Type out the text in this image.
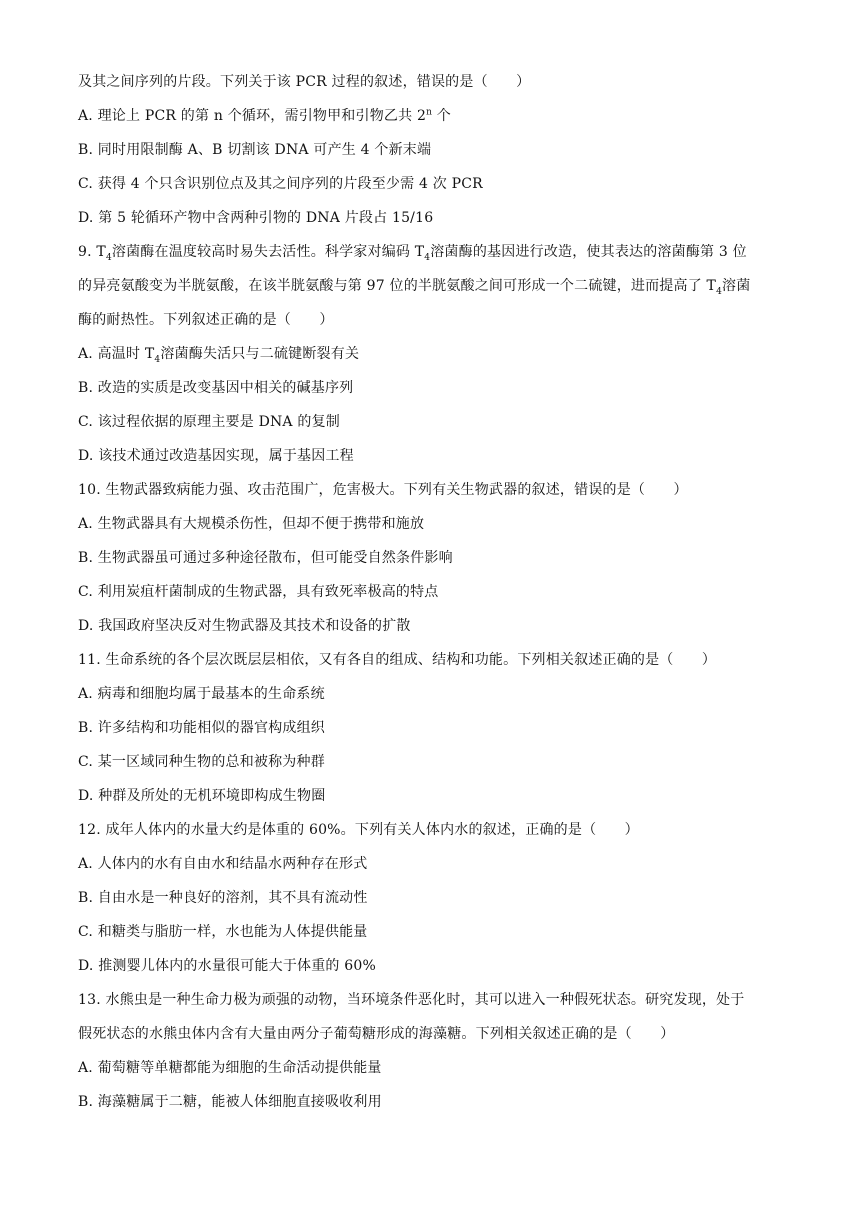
及其之间序列的片段。下列关于该 PCR 过程的叙述，错误的是（　　）
A. 理论上 PCR 的第 n 个循环，需引物甲和引物乙共 2$^n$ 个
B. 同时用限制酶 A、B 切割该 DNA 可产生 4 个新末端
C. 获得 4 个只含识别位点及其之间序列的片段至少需 4 次 PCR
D. 第 5 轮循环产物中含两种引物的 DNA 片段占 15/16
9. $T_4$溶菌酶在温度较高时易失去活性。科学家对编码 $T_4$溶菌酶的基因进行改造，使其表达的溶菌酶第 3 位
的异亮氨酸变为半胱氨酸，在该半胱氨酸与第 97 位的半胱氨酸之间可形成一个二硫键，进而提高了 $T_4$溶菌
酶的耐热性。下列叙述正确的是（　　）
A. 高温时 $T_4$溶菌酶失活只与二硫键断裂有关
B. 改造的实质是改变基因中相关的碱基序列
C. 该过程依据的原理主要是 DNA 的复制
D. 该技术通过改造基因实现，属于基因工程
10. 生物武器致病能力强、攻击范围广，危害极大。下列有关生物武器的叙述，错误的是（　　）
A. 生物武器具有大规模杀伤性，但却不便于携带和施放
B. 生物武器虽可通过多种途径散布，但可能受自然条件影响
C. 利用炭疽杆菌制成的生物武器，具有致死率极高的特点
D. 我国政府坚决反对生物武器及其技术和设备的扩散
11. 生命系统的各个层次既层层相依，又有各自的组成、结构和功能。下列相关叙述正确的是（　　）
A. 病毒和细胞均属于最基本的生命系统
B. 许多结构和功能相似的器官构成组织
C. 某一区域同种生物的总和被称为种群
D. 种群及所处的无机环境即构成生物圈
12. 成年人体内的水量大约是体重的 60%。下列有关人体内水的叙述，正确的是（　　）
A. 人体内的水有自由水和结晶水两种存在形式
B. 自由水是一种良好的溶剂，其不具有流动性
C. 和糖类与脂肪一样，水也能为人体提供能量
D. 推测婴儿体内的水量很可能大于体重的 60%
13. 水熊虫是一种生命力极为顽强的动物，当环境条件恶化时，其可以进入一种假死状态。研究发现，处于
假死状态的水熊虫体内含有大量由两分子葡萄糖形成的海藻糖。下列相关叙述正确的是（　　）
A. 葡萄糖等单糖都能为细胞的生命活动提供能量
B. 海藻糖属于二糖，能被人体细胞直接吸收利用
